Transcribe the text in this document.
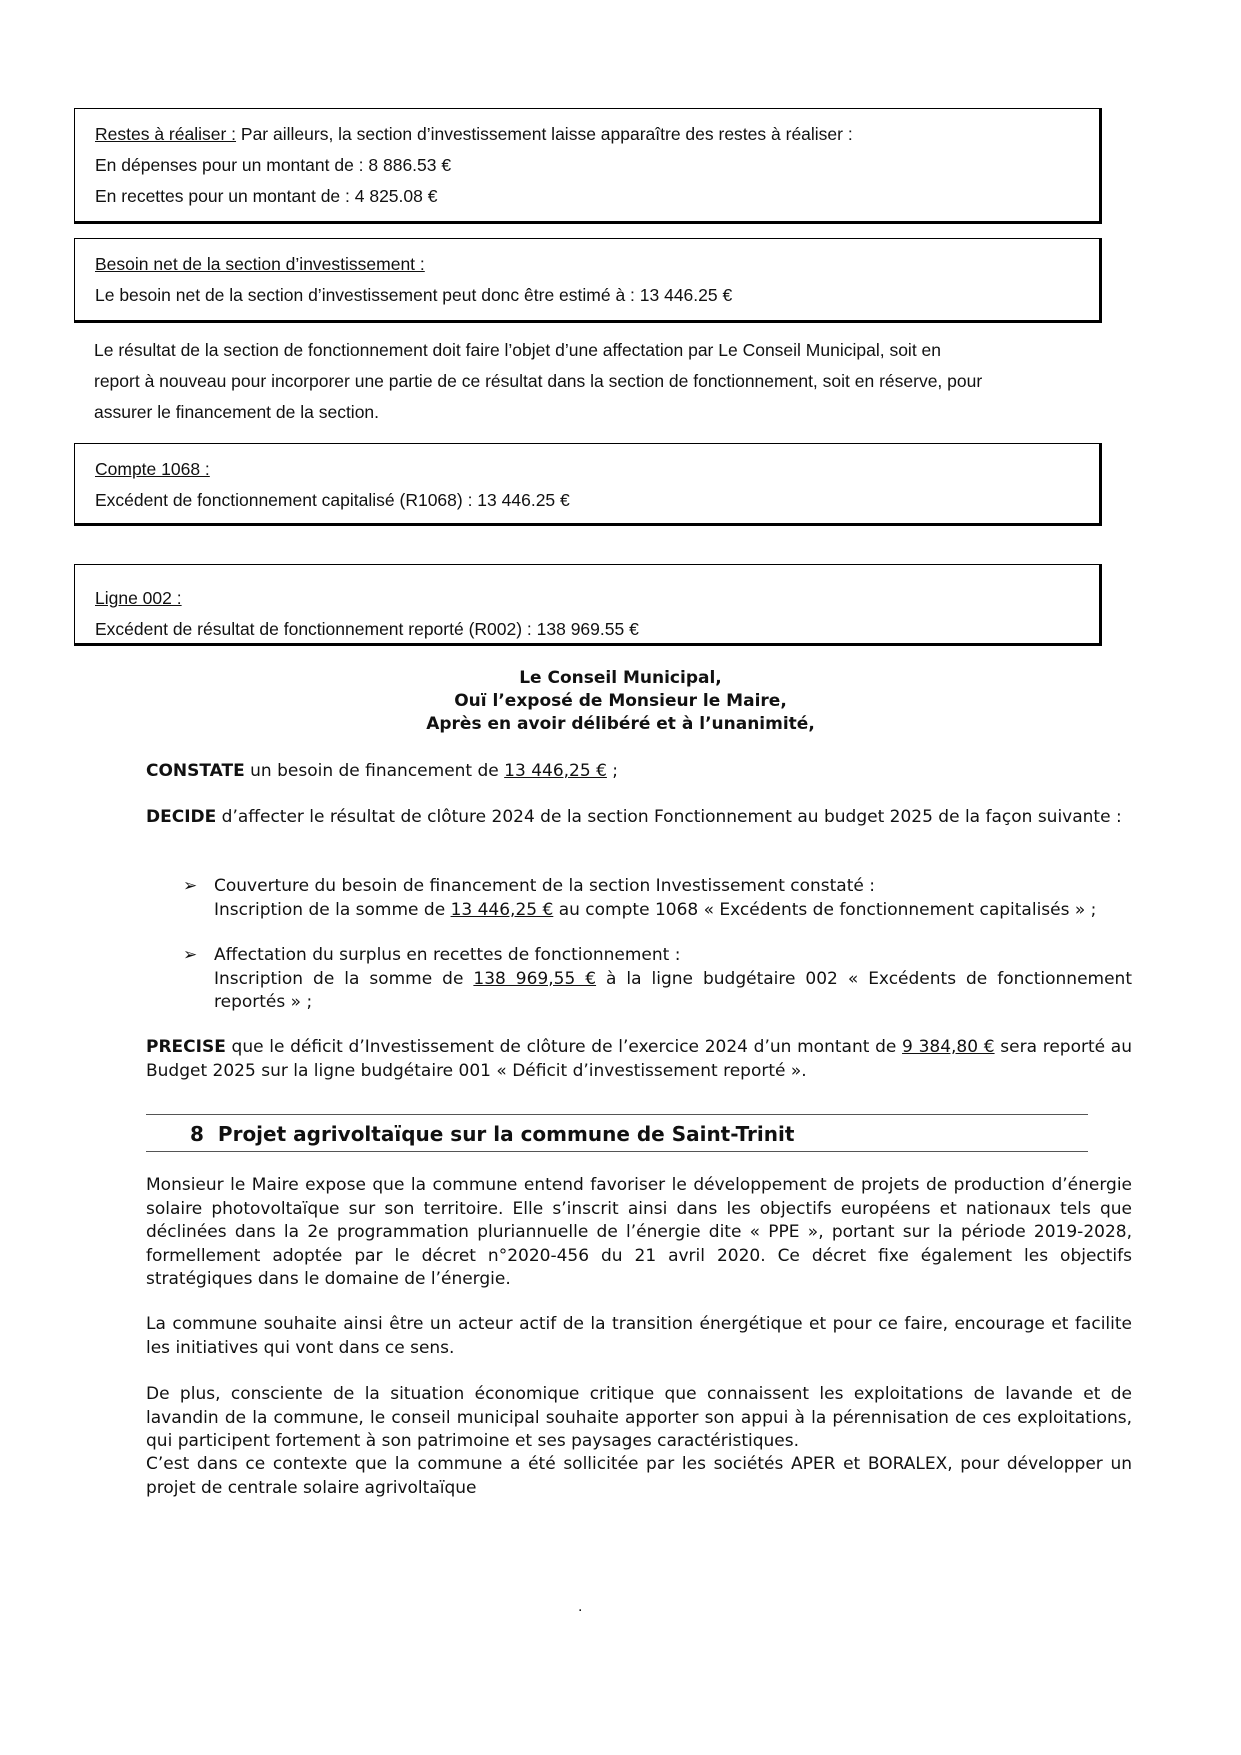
Restes à réaliser : Par ailleurs, la section d’investissement laisse apparaître des restes à réaliser :
En dépenses pour un montant de : 8 886.53 €
En recettes pour un montant de : 4 825.08 €
Besoin net de la section d’investissement :
Le besoin net de la section d’investissement peut donc être estimé à : 13 446.25 €
Le résultat de la section de fonctionnement doit faire l’objet d’une affectation par Le Conseil Municipal, soit en
report à nouveau pour incorporer une partie de ce résultat dans la section de fonctionnement, soit en réserve, pour
assurer le financement de la section.
Compte 1068 :
Excédent de fonctionnement capitalisé (R1068) : 13 446.25 €
Ligne 002 :
Excédent de résultat de fonctionnement reporté (R002) : 138 969.55 €
Le Conseil Municipal,
Ouï l’exposé de Monsieur le Maire,
Après en avoir délibéré et à l’unanimité,
CONSTATE un besoin de financement de 13 446,25 € ;
DECIDE d’affecter le résultat de clôture 2024 de la section Fonctionnement au budget 2025 de la façon suivante :
➢ Couverture du besoin de financement de la section Investissement constaté :
Inscription de la somme de 13 446,25 € au compte 1068 « Excédents de fonctionnement capitalisés » ;
➢ Affectation du surplus en recettes de fonctionnement :
Inscription de la somme de 138 969,55 € à la ligne budgétaire 002 « Excédents de fonctionnement reportés » ;
PRECISE que le déficit d’Investissement de clôture de l’exercice 2024 d’un montant de 9 384,80 € sera reporté au Budget 2025 sur la ligne budgétaire 001 « Déficit d’investissement reporté ».
8 Projet agrivoltaïque sur la commune de Saint-Trinit
Monsieur le Maire expose que la commune entend favoriser le développement de projets de production d’énergie solaire photovoltaïque sur son territoire. Elle s’inscrit ainsi dans les objectifs européens et nationaux tels que déclinées dans la 2e programmation pluriannuelle de l’énergie dite « PPE », portant sur la période 2019-2028, formellement adoptée par le décret n°2020-456 du 21 avril 2020. Ce décret fixe également les objectifs stratégiques dans le domaine de l’énergie.
La commune souhaite ainsi être un acteur actif de la transition énergétique et pour ce faire, encourage et facilite les initiatives qui vont dans ce sens.
De plus, consciente de la situation économique critique que connaissent les exploitations de lavande et de lavandin de la commune, le conseil municipal souhaite apporter son appui à la pérennisation de ces exploitations, qui participent fortement à son patrimoine et ses paysages caractéristiques.
C’est dans ce contexte que la commune a été sollicitée par les sociétés APER et BORALEX, pour développer un projet de centrale solaire agrivoltaïque
.
